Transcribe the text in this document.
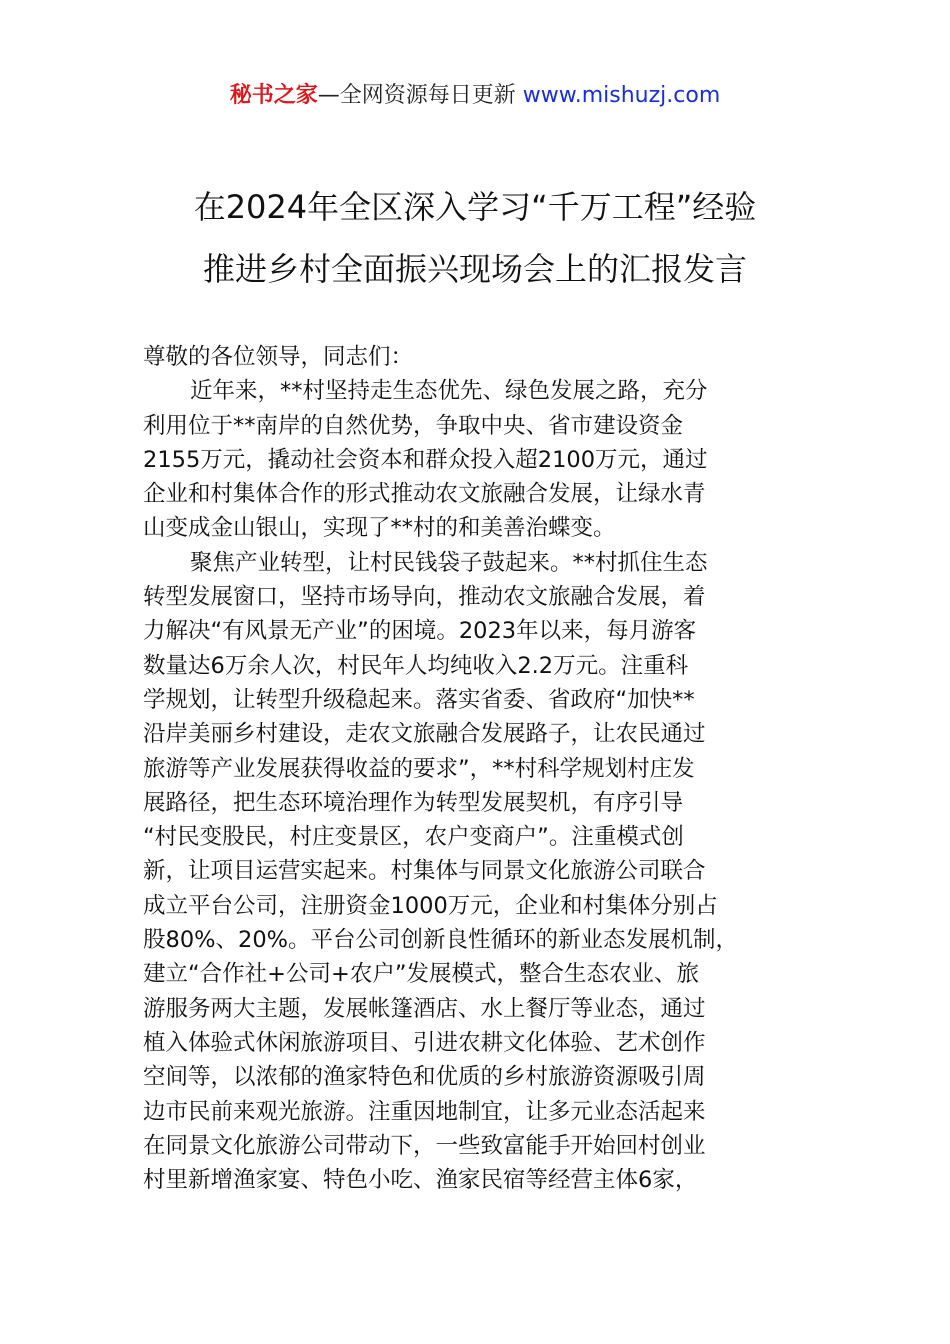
秘书之家—全网资源每日更新 www.mishuzj.com
在2024年全区深入学习“千万工程”经验
推进乡村全面振兴现场会上的汇报发言
尊敬的各位领导，同志们：
近年来，**村坚持走生态优先、绿色发展之路，充分
利用位于**南岸的自然优势，争取中央、省市建设资金
2155万元，撬动社会资本和群众投入超2100万元，通过
企业和村集体合作的形式推动农文旅融合发展，让绿水青
山变成金山银山，实现了**村的和美善治蝶变。
聚焦产业转型，让村民钱袋子鼓起来。**村抓住生态
转型发展窗口，坚持市场导向，推动农文旅融合发展，着
力解决“有风景无产业”的困境。2023年以来，每月游客
数量达6万余人次，村民年人均纯收入2.2万元。注重科
学规划，让转型升级稳起来。落实省委、省政府“加快**
沿岸美丽乡村建设，走农文旅融合发展路子，让农民通过
旅游等产业发展获得收益的要求”，**村科学规划村庄发
展路径，把生态环境治理作为转型发展契机，有序引导
“村民变股民，村庄变景区，农户变商户”。注重模式创
新，让项目运营实起来。村集体与同景文化旅游公司联合
成立平台公司，注册资金1000万元，企业和村集体分别占
股80%、20%。平台公司创新良性循环的新业态发展机制，
建立“合作社+公司+农户”发展模式，整合生态农业、旅
游服务两大主题，发展帐篷酒店、水上餐厅等业态，通过
植入体验式休闲旅游项目、引进农耕文化体验、艺术创作
空间等，以浓郁的渔家特色和优质的乡村旅游资源吸引周
边市民前来观光旅游。注重因地制宜，让多元业态活起来
在同景文化旅游公司带动下，一些致富能手开始回村创业
村里新增渔家宴、特色小吃、渔家民宿等经营主体6家，
